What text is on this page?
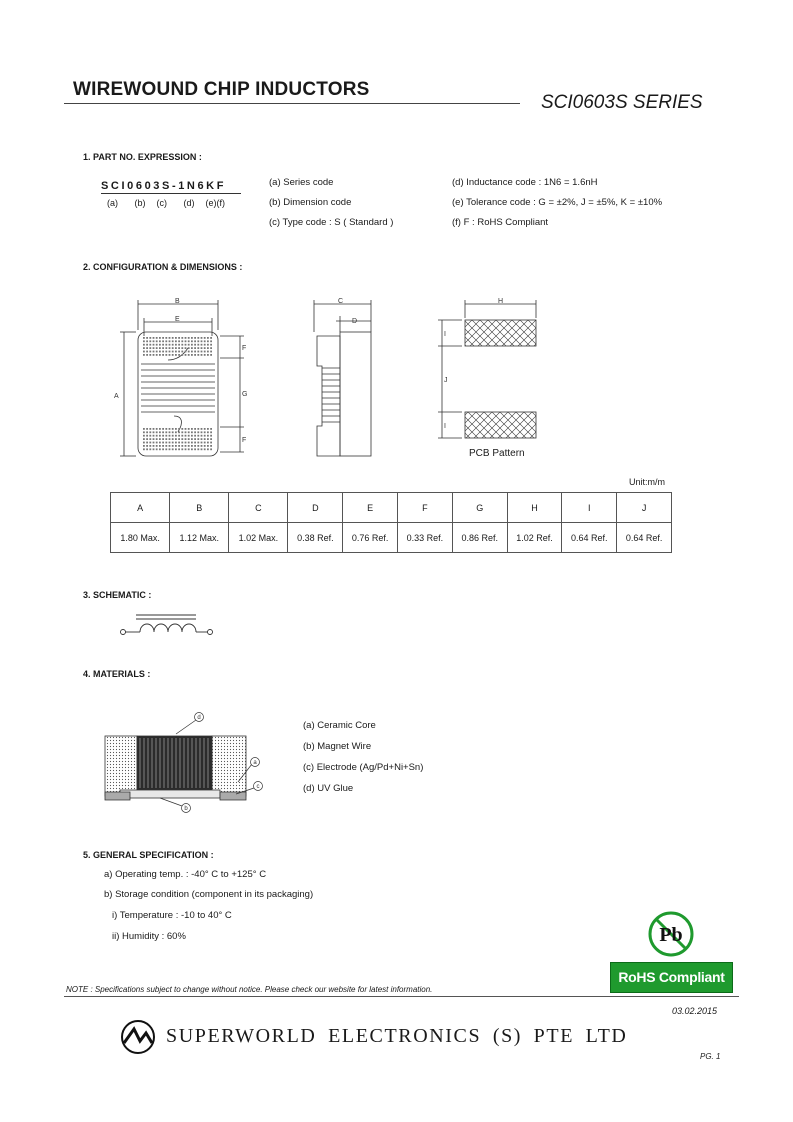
WIREWOUND CHIP INDUCTORS
SCI0603S SERIES
1. PART NO. EXPRESSION :
SCI0603S-1N6KF
(a)   (b)  (c)   (d)  (e)(f)
(a) Series code
(b) Dimension code
(c) Type code : S ( Standard )
(d) Inductance code : 1N6 = 1.6nH
(e) Tolerance code : G = ±2%, J = ±5%, K = ±10%
(f) F : RoHS Compliant
2. CONFIGURATION & DIMENSIONS :
B
E
A
F
G
F
C
D
H
I
J
I
PCB Pattern
Unit:m/m
A	B	C	D	E	F	G	H	I	J
1.80 Max.	1.12 Max.	1.02 Max.	0.38 Ref.	0.76 Ref.	0.33 Ref.	0.86 Ref.	1.02 Ref.	0.64 Ref.	0.64 Ref.
3. SCHEMATIC :
4. MATERIALS :
d
a
c
b
(a) Ceramic Core
(b) Magnet Wire
(c) Electrode (Ag/Pd+Ni+Sn)
(d) UV Glue
5. GENERAL SPECIFICATION :
a) Operating temp. : -40° C to +125° C
b) Storage condition (component in its packaging)
i) Temperature : -10 to 40° C
ii) Humidity : 60%	Pb
RoHS Compliant
NOTE : Specifications subject to change without notice. Please check our website for latest information.
03.02.2015
SUPERWORLD ELECTRONICS (S) PTE LTD
PG. 1
